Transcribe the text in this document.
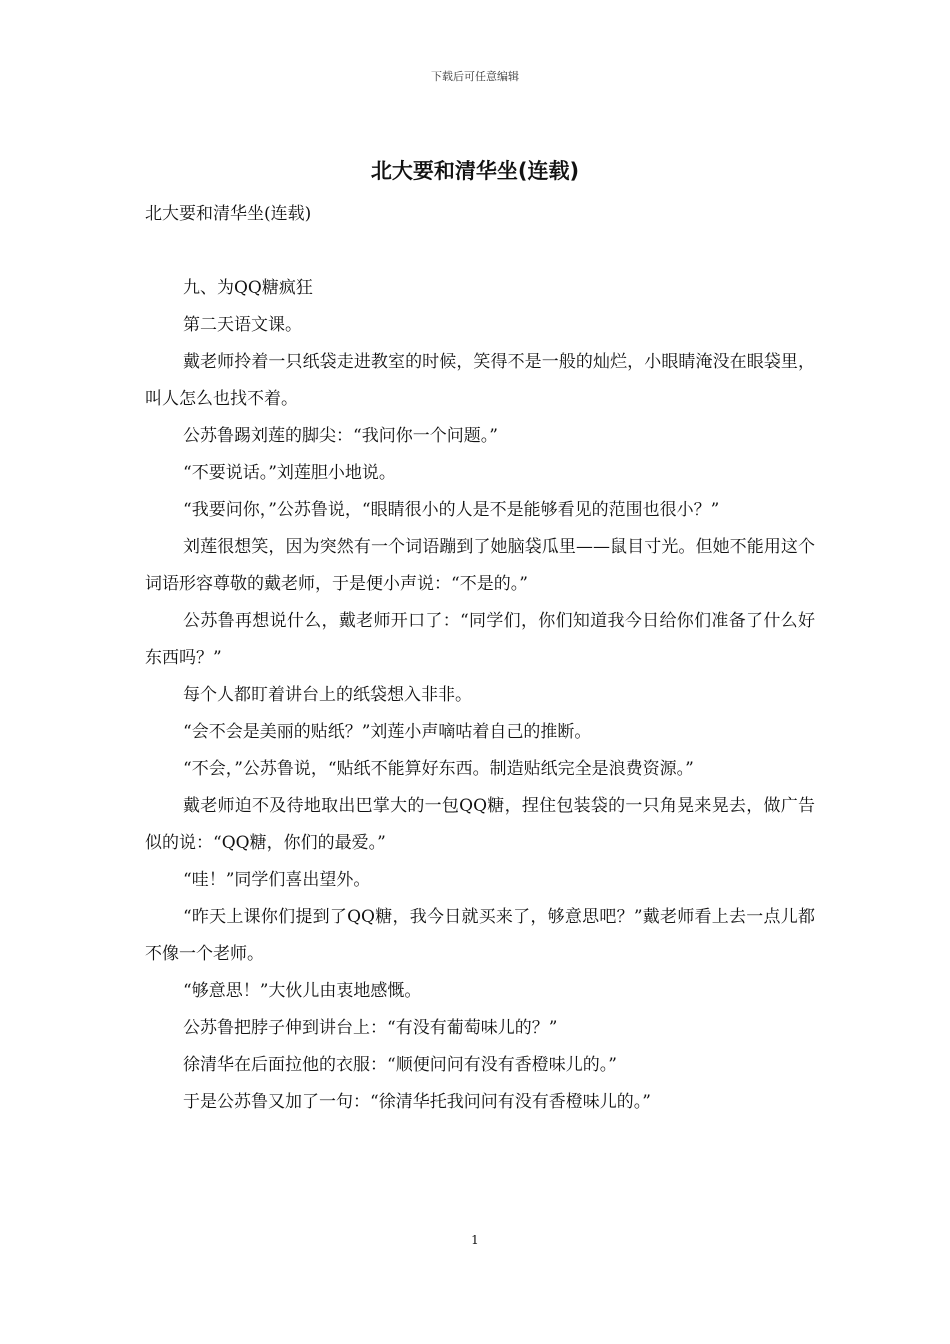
下载后可任意编辑
北大要和清华坐(连载)

北大要和清华坐(连载)

九、为QQ糖疯狂

第二天语文课。

戴老师拎着一只纸袋走进教室的时候，笑得不是一般的灿烂，小眼睛淹没在眼袋里，叫人怎么也找不着。

公苏鲁踢刘莲的脚尖：“我问你一个问题。”

“不要说话。”刘莲胆小地说。

“我要问你，”公苏鲁说，“眼睛很小的人是不是能够看见的范围也很小？”

刘莲很想笑，因为突然有一个词语蹦到了她脑袋瓜里——鼠目寸光。但她不能用这个词语形容尊敬的戴老师，于是便小声说：“不是的。”

公苏鲁再想说什么，戴老师开口了：“同学们，你们知道我今日给你们准备了什么好东西吗？”

每个人都盯着讲台上的纸袋想入非非。

“会不会是美丽的贴纸？”刘莲小声嘀咕着自己的推断。

“不会，”公苏鲁说，“贴纸不能算好东西。制造贴纸完全是浪费资源。”

戴老师迫不及待地取出巴掌大的一包QQ糖，捏住包装袋的一只角晃来晃去，做广告似的说：“QQ糖，你们的最爱。”

“哇！”同学们喜出望外。

“昨天上课你们提到了QQ糖，我今日就买来了，够意思吧？”戴老师看上去一点儿都不像一个老师。

“够意思！”大伙儿由衷地感慨。

公苏鲁把脖子伸到讲台上：“有没有葡萄味儿的？”

徐清华在后面拉他的衣服：“顺便问问有没有香橙味儿的。”

于是公苏鲁又加了一句：“徐清华托我问问有没有香橙味儿的。”

1
